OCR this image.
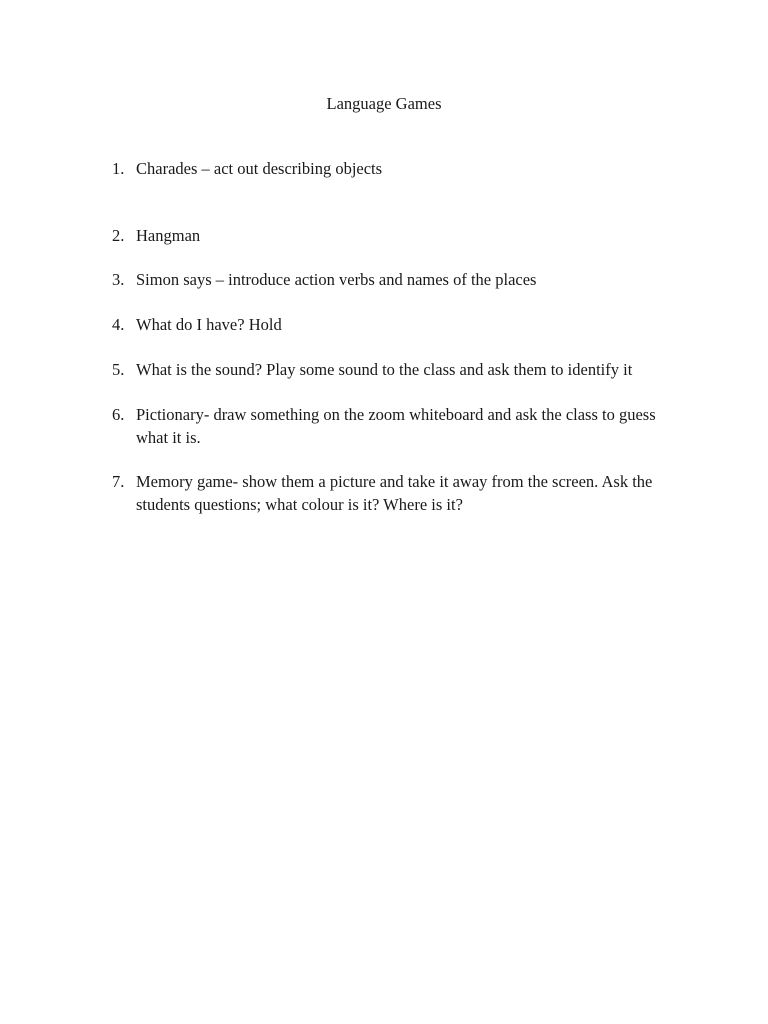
Language Games
1. Charades – act out describing objects
2. Hangman
3. Simon says – introduce action verbs and names of the places
4. What do I have? Hold
5. What is the sound? Play some sound to the class and ask them to identify it
6. Pictionary- draw something on the zoom whiteboard and ask the class to guess what it is.
7. Memory game- show them a picture and take it away from the screen. Ask the students questions; what colour is it? Where is it?
